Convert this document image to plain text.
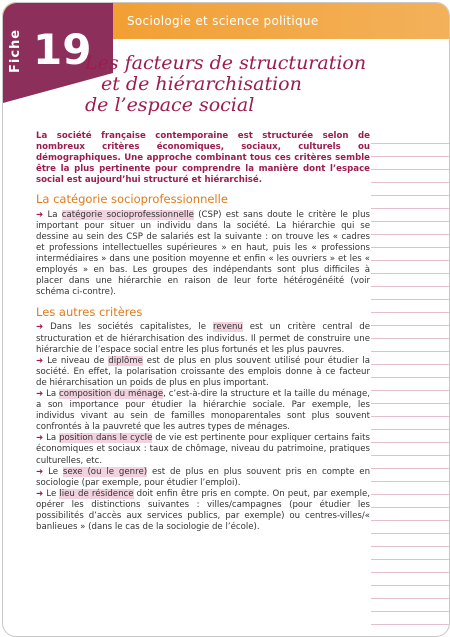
Sociologie et science politique
Fiche 19
Les facteurs de structuration
et de hiérarchisation
de l’espace social

La société française contemporaine est structurée selon de nombreux critères économiques, sociaux, culturels ou démographiques. Une approche combinant tous ces critères semble être la plus pertinente pour comprendre la manière dont l’espace social est aujourd’hui structuré et hiérarchisé.

La catégorie socioprofessionnelle

➜ La catégorie socioprofessionnelle (CSP) est sans doute le critère le plus important pour situer un individu dans la société. La hiérarchie qui se dessine au sein des CSP de salariés est la suivante : on trouve les « cadres et professions intellectuelles supérieures » en haut, puis les « professions intermédiaires » dans une position moyenne et enfin « les ouvriers » et les « employés » en bas. Les groupes des indépendants sont plus difficiles à placer dans une hiérarchie en raison de leur forte hétérogénéité (voir schéma ci-contre).

Les autres critères

➜ Dans les sociétés capitalistes, le revenu est un critère central de structuration et de hiérarchisation des individus. Il permet de construire une hiérarchie de l’espace social entre les plus fortunés et les plus pauvres.

➜ Le niveau de diplôme est de plus en plus souvent utilisé pour étudier la société. En effet, la polarisation croissante des emplois donne à ce facteur de hiérarchisation un poids de plus en plus important.

➜ La composition du ménage, c’est-à-dire la structure et la taille du ménage, a son importance pour étudier la hiérarchie sociale. Par exemple, les individus vivant au sein de familles monoparentales sont plus souvent confrontés à la pauvreté que les autres types de ménages.

➜ La position dans le cycle de vie est pertinente pour expliquer certains faits économiques et sociaux : taux de chômage, niveau du patrimoine, pratiques culturelles, etc.

➜ Le sexe (ou le genre) est de plus en plus souvent pris en compte en sociologie (par exemple, pour étudier l’emploi).

➜ Le lieu de résidence doit enfin être pris en compte. On peut, par exemple, opérer les distinctions suivantes : villes/campagnes (pour étudier les possibilités d’accès aux services publics, par exemple) ou centres-villes/« banlieues » (dans le cas de la sociologie de l’école).
